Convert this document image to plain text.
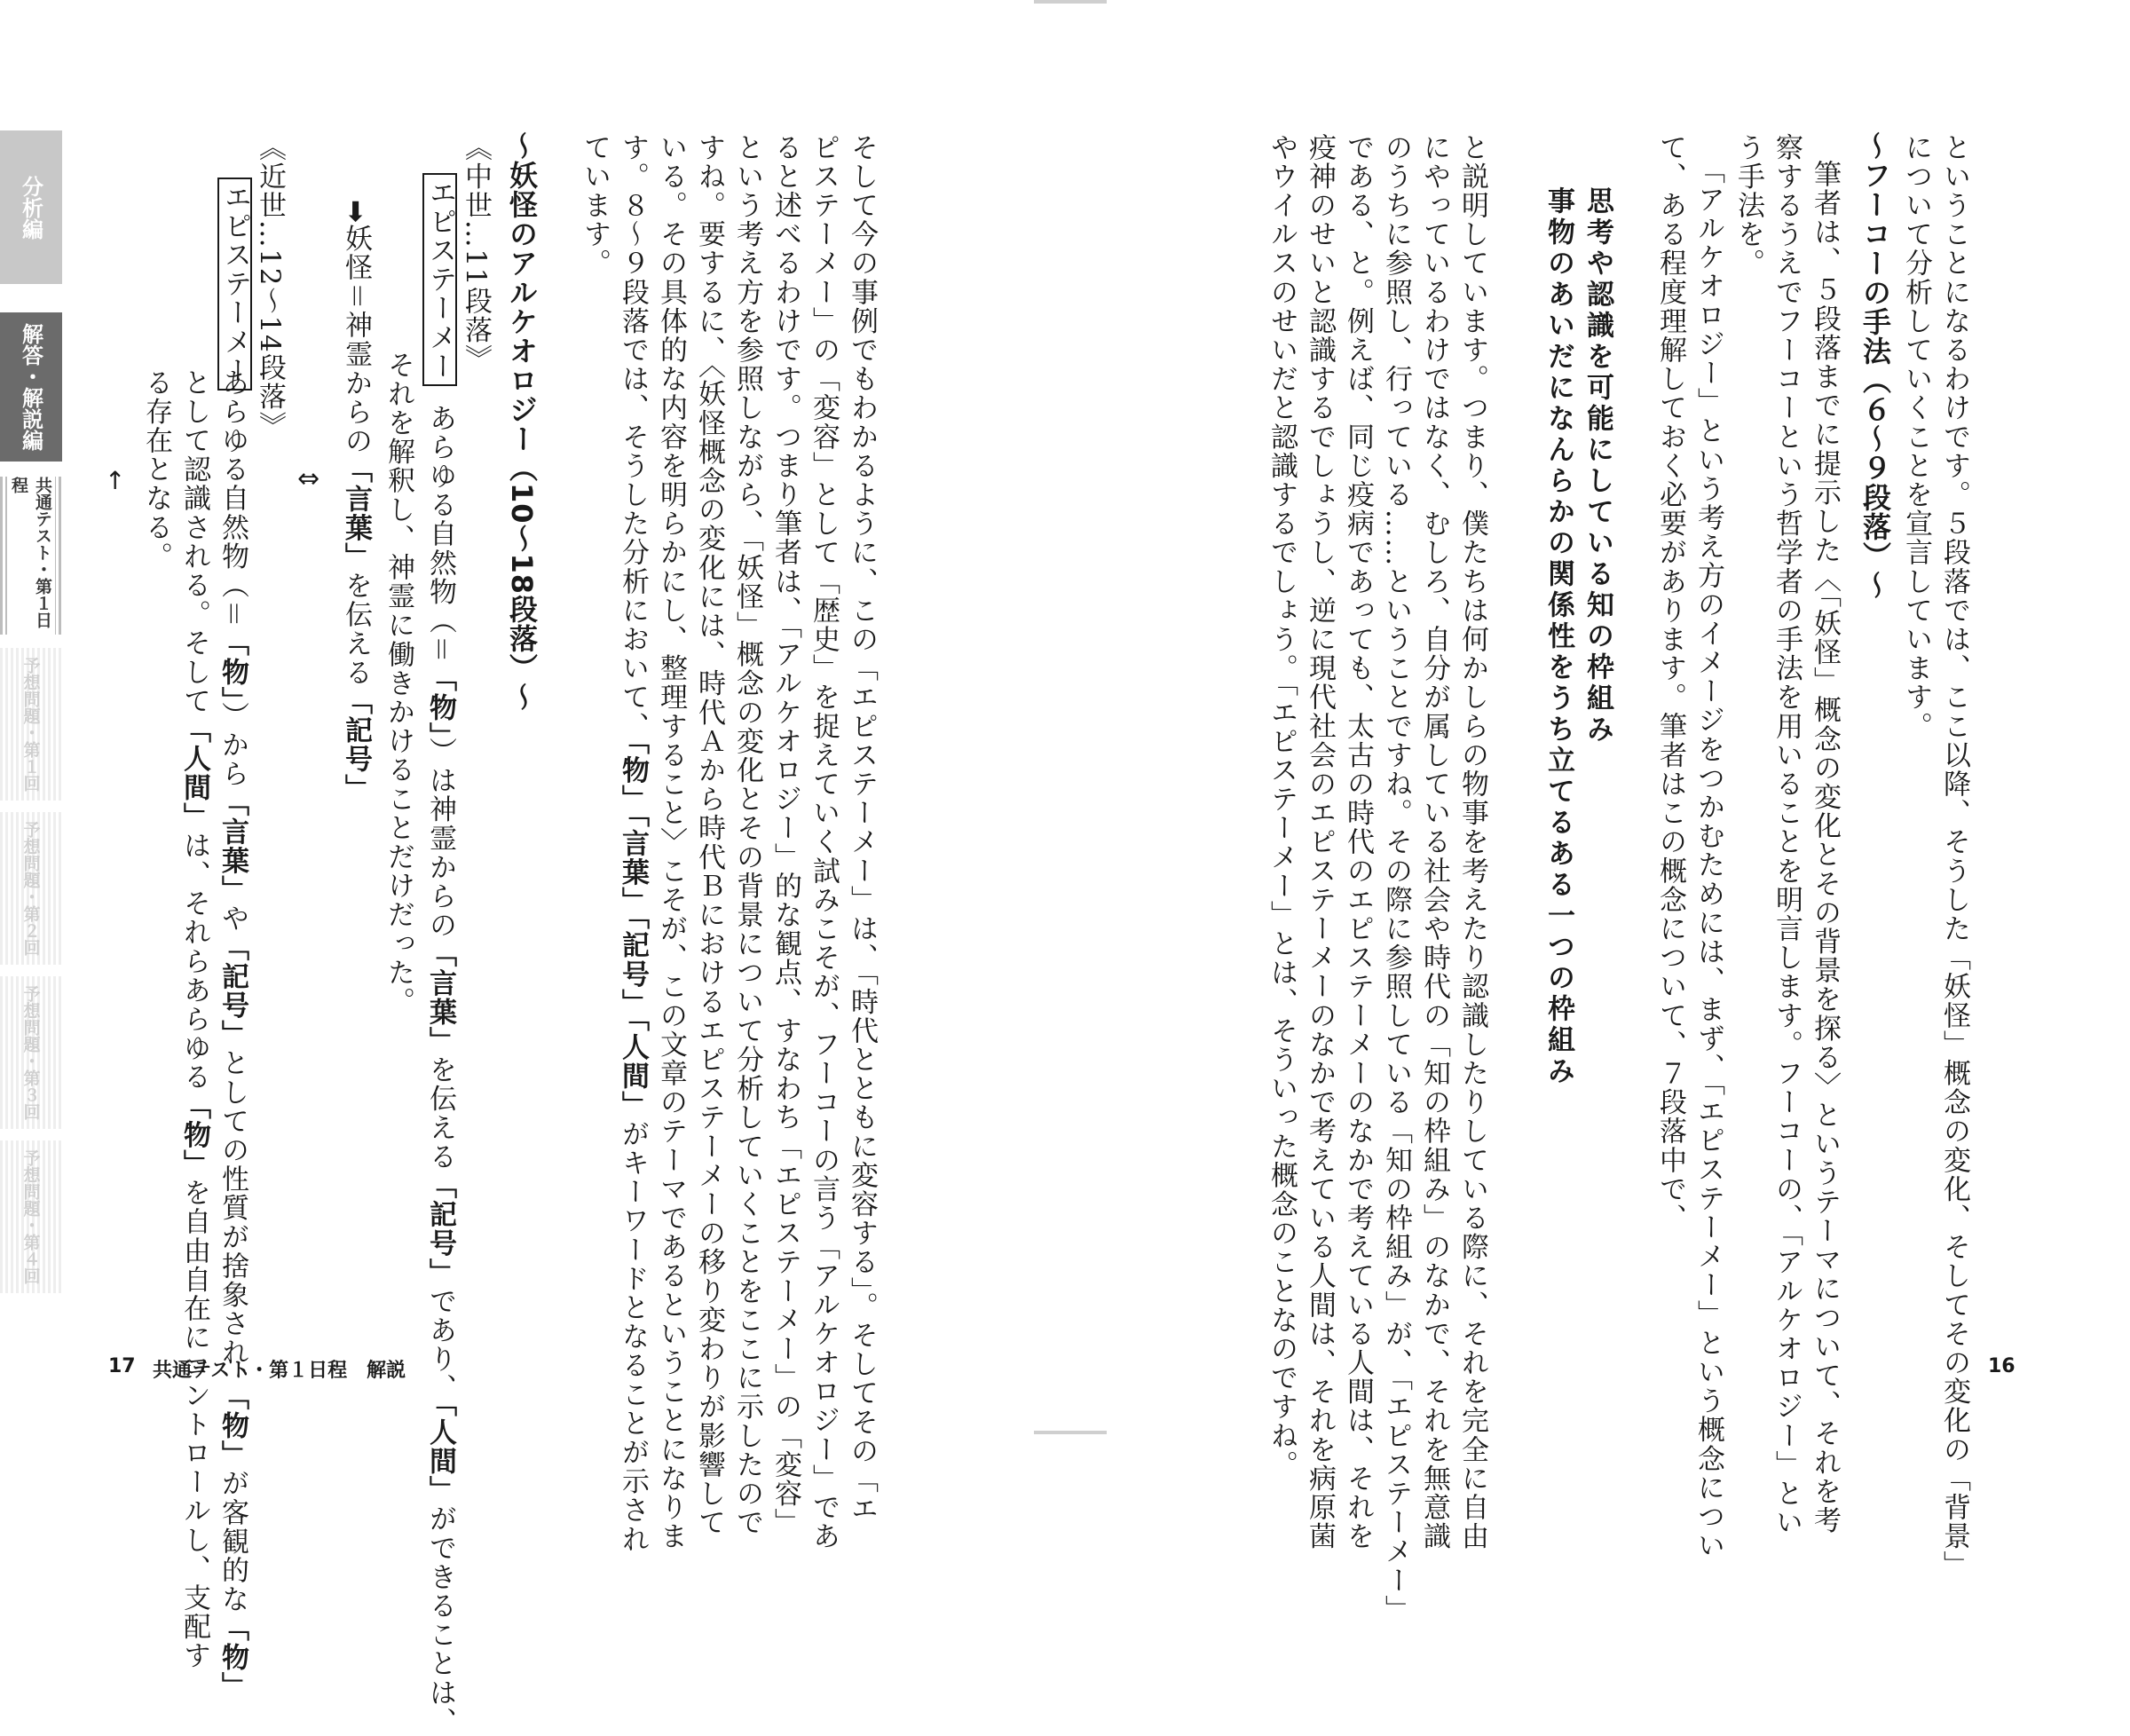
ということになるわけです。５段落では、ここ以降、そうした「妖怪」概念の変化、そしてその変化の「背景」
について分析していくことを宣言しています。
～フーコーの手法（６～９段落）～
筆者は、５段落までに提示した〈「妖怪」概念の変化とその背景を探る〉というテーマについて、それを考
察するうえでフーコーという哲学者の手法を用いることを明言します。フーコーの、「アルケオロジー」とい
う手法を。
「アルケオロジー」という考え方のイメージをつかむためには、まず、「エピステーメー」という概念につい
て、ある程度理解しておく必要があります。筆者はこの概念について、７段落中で、
思考や認識を可能にしている知の枠組み
事物のあいだになんらかの関係性をうち立てるある一つの枠組み
と説明しています。つまり、僕たちは何かしらの物事を考えたり認識したりしている際に、それを完全に自由
にやっているわけではなく、むしろ、自分が属している社会や時代の「知の枠組み」のなかで、それを無意識
のうちに参照し、行っている……ということですね。その際に参照している「知の枠組み」が、「エピステーメー」
である、と。例えば、同じ疫病であっても、太古の時代のエピステーメーのなかで考えている人間は、それを
疫神のせいと認識するでしょうし、逆に現代社会のエピステーメーのなかで考えている人間は、それを病原菌
やウイルスのせいだと認識するでしょう。「エピステーメー」とは、そういった概念のことなのですね。	16
そして今の事例でもわかるように、この「エピステーメー」は、「時代とともに変容する」。そしてその「エ
ピステーメー」の「変容」として「歴史」を捉えていく試みこそが、フーコーの言う「アルケオロジー」であ
ると述べるわけです。つまり筆者は、「アルケオロジー」的な観点、すなわち「エピステーメー」の「変容」
という考え方を参照しながら、「妖怪」概念の変化とその背景について分析していくことをここに示したので
すね。要するに、〈妖怪概念の変化には、時代Ａから時代Ｂにおけるエピステーメーの移り変わりが影響して
いる。その具体的な内容を明らかにし、整理すること〉こそが、この文章のテーマであるということになりま
す。８～９段落では、そうした分析において、「物」「言葉」「記号」「人間」がキーワードとなることが示され
ています。
～妖怪のアルケオロジー（10～18段落）～
《中世…11段落》
エピステーメーあらゆる自然物（＝「物」）は神霊からの「言葉」を伝える「記号」であり、「人間」ができることは、
それを解釈し、神霊に働きかけることだけだった。
➡妖怪＝神霊からの「言葉」を伝える「記号」
⇔
《近世…12～14段落》
エピステーメー
あらゆる自然物（＝「物」）から「言葉」や「記号」としての性質が捨象され、「物」が客観的な「物」
として認識される。そして「人間」は、それらあらゆる「物」を自由自在にコントロールし、支配す
る存在となる。
↑
17 共通テスト・第１日程　解説
分析編
解答・解説編
共通テスト・第１日程
予想問題・第１回
予想問題・第２回
予想問題・第３回
予想問題・第４回
